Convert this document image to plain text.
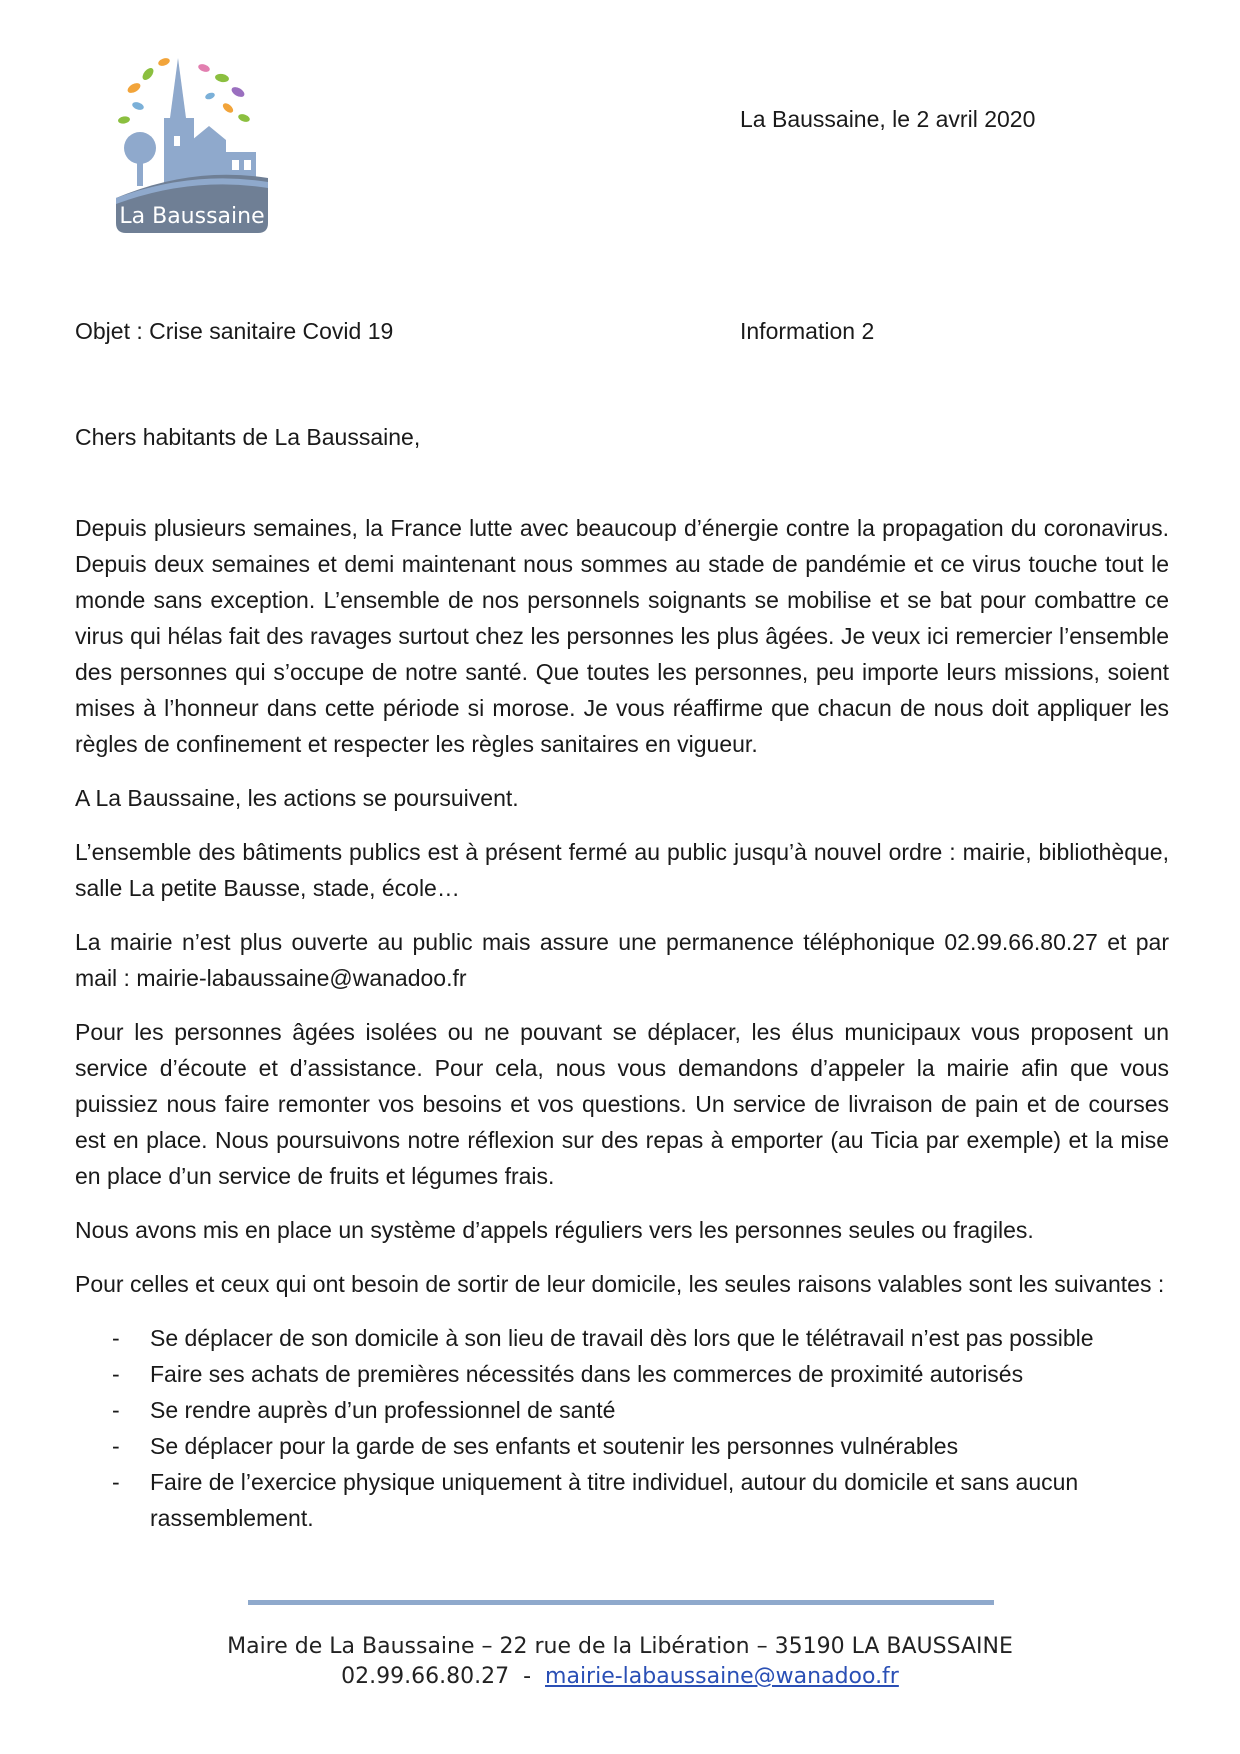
La Baussaine
La Baussaine, le 2 avril 2020
Objet : Crise sanitaire Covid 19	Information 2
Chers habitants de La Baussaine,

Depuis plusieurs semaines, la France lutte avec beaucoup d’énergie contre la propagation du coronavirus. Depuis deux semaines et demi maintenant nous sommes au stade de pandémie et ce virus touche tout le monde sans exception. L’ensemble de nos personnels soignants se mobilise et se bat pour combattre ce virus qui hélas fait des ravages surtout chez les personnes les plus âgées. Je veux ici remercier l’ensemble des personnes qui s’occupe de notre santé. Que toutes les personnes, peu importe leurs missions, soient mises à l’honneur dans cette période si morose. Je vous réaffirme que chacun de nous doit appliquer les règles de confinement et respecter les règles sanitaires en vigueur.

A La Baussaine, les actions se poursuivent.

L’ensemble des bâtiments publics est à présent fermé au public jusqu’à nouvel ordre : mairie, bibliothèque, salle La petite Bausse, stade, école…

La mairie n’est plus ouverte au public mais assure une permanence téléphonique 02.99.66.80.27 et par mail : mairie-labaussaine@wanadoo.fr

Pour les personnes âgées isolées ou ne pouvant se déplacer, les élus municipaux vous proposent un service d’écoute et d’assistance. Pour cela, nous vous demandons d’appeler la mairie afin que vous puissiez nous faire remonter vos besoins et vos questions. Un service de livraison de pain et de courses est en place. Nous poursuivons notre réflexion sur des repas à emporter (au Ticia par exemple) et la mise en place d’un service de fruits et légumes frais.

Nous avons mis en place un système d’appels réguliers vers les personnes seules ou fragiles.

Pour celles et ceux qui ont besoin de sortir de leur domicile, les seules raisons valables sont les suivantes :

- Se déplacer de son domicile à son lieu de travail dès lors que le télétravail n’est pas possible
- Faire ses achats de premières nécessités dans les commerces de proximité autorisés
- Se rendre auprès d’un professionnel de santé
- Se déplacer pour la garde de ses enfants et soutenir les personnes vulnérables
- Faire de l’exercice physique uniquement à titre individuel, autour du domicile et sans aucun rassemblement.
Maire de La Baussaine – 22 rue de la Libération – 35190 LA BAUSSAINE
02.99.66.80.27 - mairie-labaussaine@wanadoo.fr
